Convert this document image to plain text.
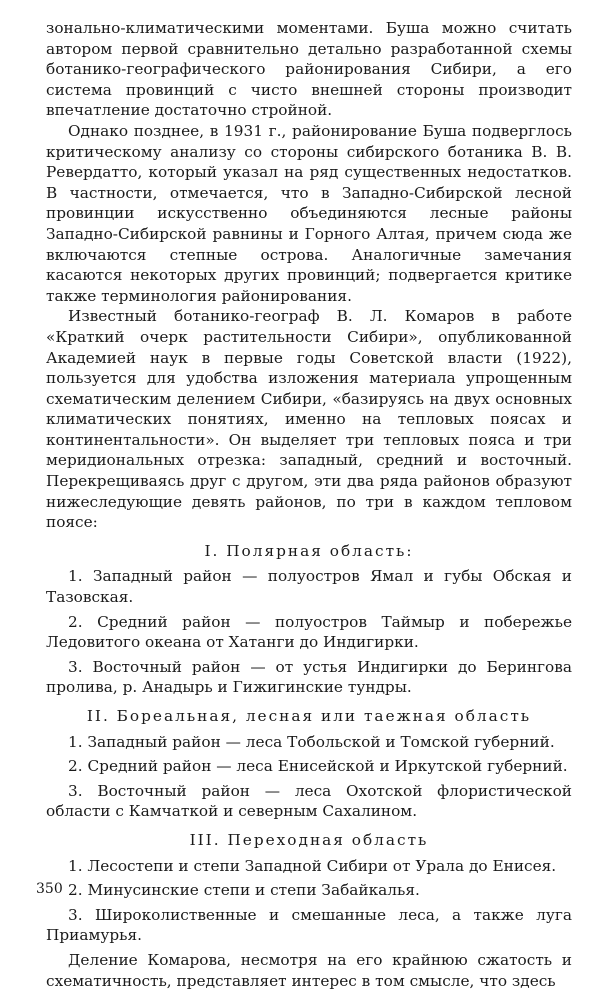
зонально-климатическими моментами. Буша можно считать автором первой сравнительно детально разработанной схемы ботанико-географического районирования Сибири, а его система провинций с чисто внешней стороны производит впечатление достаточно стройной.

Однако позднее, в 1931 г., районирование Буша подверглось критическому анализу со стороны сибирского ботаника В. В. Ревердатто, который указал на ряд существенных недостатков. В частности, отмечается, что в Западно-Сибирской лесной провинции искусственно объединяются лесные районы Западно-Сибирской равнины и Горного Алтая, причем сюда же включаются степные острова. Аналогичные замечания касаются некоторых других провинций; подвергается критике также терминология районирования.

Известный ботанико-географ В. Л. Комаров в работе «Краткий очерк растительности Сибири», опубликованной Академией наук в первые годы Советской власти (1922), пользуется для удобства изложения материала упрощенным схематическим делением Сибири, «базируясь на двух основных климатических понятиях, именно на тепловых поясах и континентальности». Он выделяет три тепловых пояса и три меридиональных отрезка: западный, средний и восточный. Перекрещиваясь друг с другом, эти два ряда районов образуют нижеследующие девять районов, по три в каждом тепловом поясе:

I. Полярная область:
1. Западный район — полуостров Ямал и губы Обская и Тазовская.
2. Средний район — полуостров Таймыр и побережье Ледовитого океана от Хатанги до Индигирки.
3. Восточный район — от устья Индигирки до Берингова пролива, р. Анадырь и Гижигинские тундры.
II. Бореальная, лесная или таежная область
1. Западный район — леса Тобольской и Томской губерний.
2. Средний район — леса Енисейской и Иркутской губерний.
3. Восточный район — леса Охотской флористической области с Камчаткой и северным Сахалином.
III. Переходная область
1. Лесостепи и степи Западной Сибири от Урала до Енисея.
2. Минусинские степи и степи Забайкалья.
3. Широколиственные и смешанные леса, а также луга Приамурья.

Деление Комарова, несмотря на его крайнюю сжатость и схематичность, представляет интерес в том смысле, что здесь

350
